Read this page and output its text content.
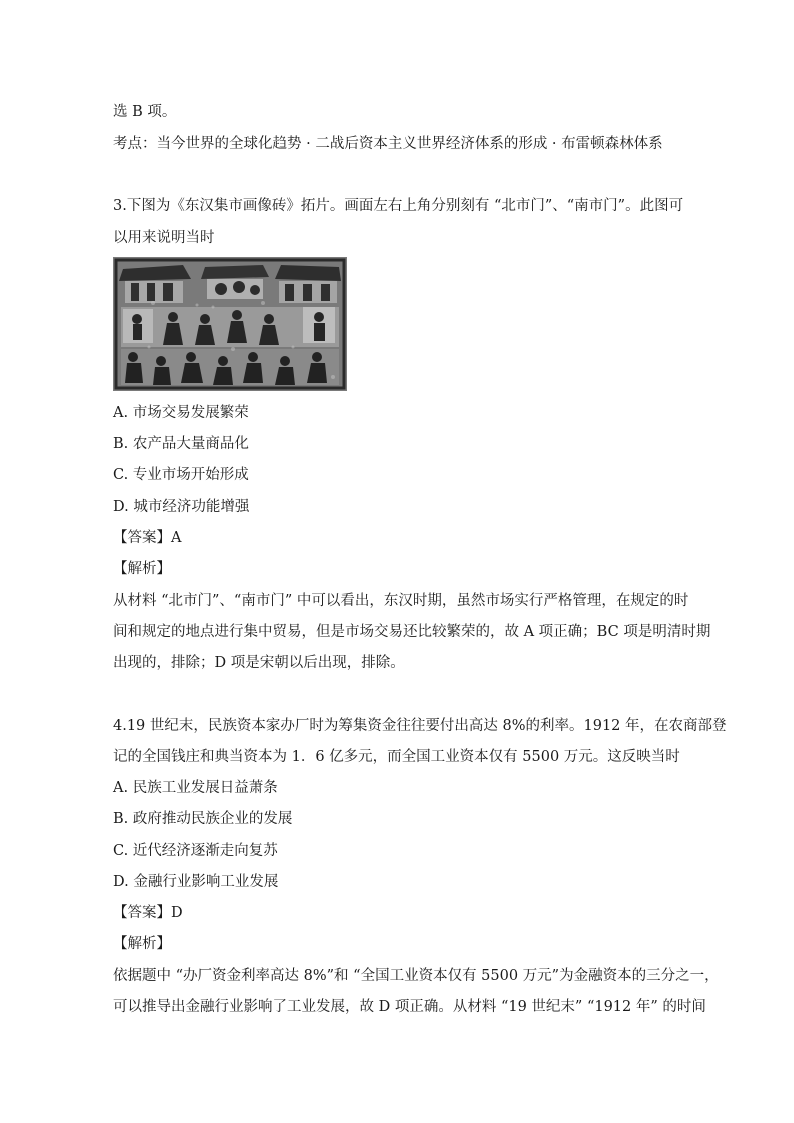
选 B 项。
考点：当今世界的全球化趋势 · 二战后资本主义世界经济体系的形成 · 布雷顿森林体系
3.下图为《东汉集市画像砖》拓片。画面左右上角分别刻有 “北市门”、“南市门”。此图可
以用来说明当时
A. 市场交易发展繁荣
B. 农产品大量商品化
C. 专业市场开始形成
D. 城市经济功能增强
【答案】A
【解析】
从材料 “北市门”、“南市门” 中可以看出，东汉时期，虽然市场实行严格管理，在规定的时
间和规定的地点进行集中贸易，但是市场交易还比较繁荣的，故 A 项正确；BC 项是明清时期
出现的，排除；D 项是宋朝以后出现，排除。
4.19 世纪末，民族资本家办厂时为筹集资金往往要付出高达 8%的利率。1912 年，在农商部登
记的全国钱庄和典当资本为 1．6 亿多元，而全国工业资本仅有 5500 万元。这反映当时
A. 民族工业发展日益萧条
B. 政府推动民族企业的发展
C. 近代经济逐渐走向复苏
D. 金融行业影响工业发展
【答案】D
【解析】
依据题中 “办厂资金利率高达 8%”和 “全国工业资本仅有 5500 万元”为金融资本的三分之一，
可以推导出金融行业影响了工业发展，故 D 项正确。从材料 “19 世纪末” “1912 年” 的时间
